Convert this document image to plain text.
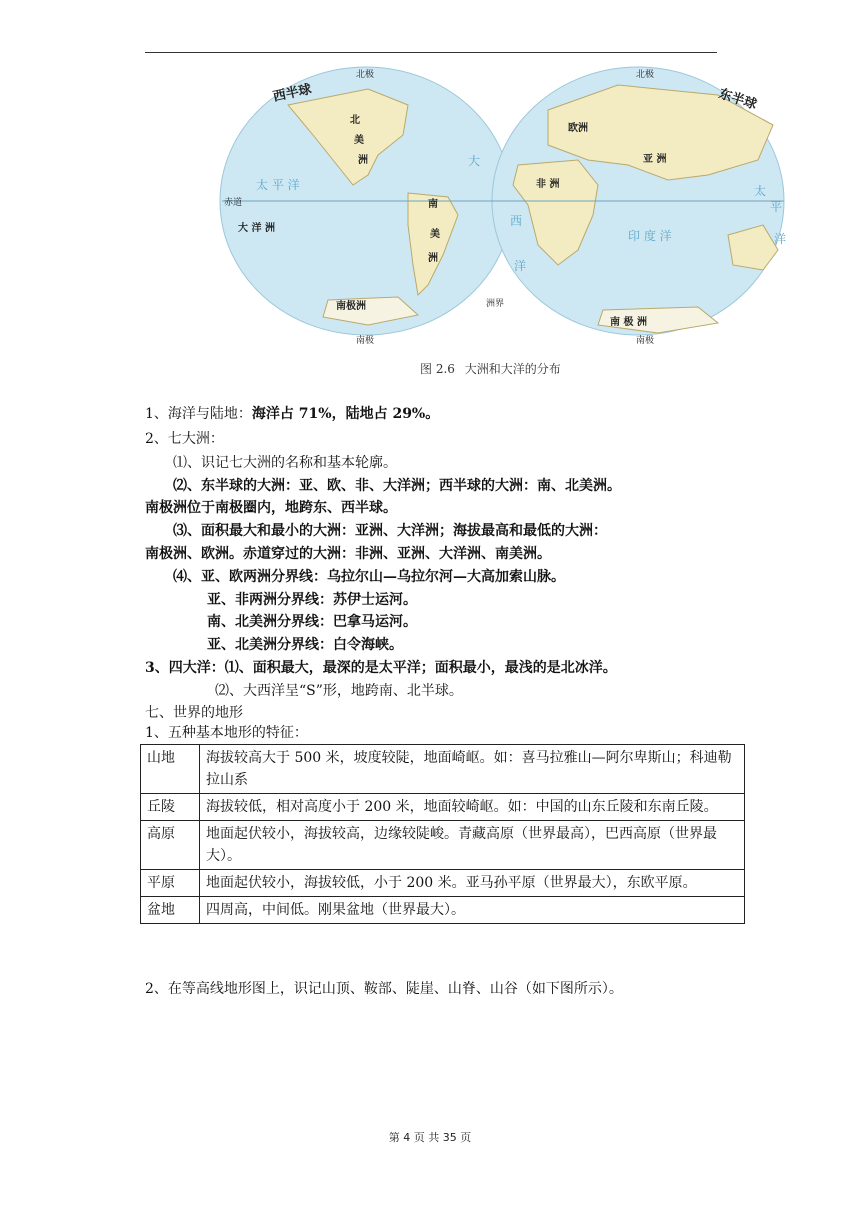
西半球	东半球
北极	北极
南极	南极
赤道
洲界
北
美
洲
南
美
洲
大 洋 洲
南极洲
南 极 洲
欧洲
亚 洲
非 洲
太 平 洋
大
太
平
洋
西
洋
印 度 洋
图 2.6 大洲和大洋的分布
1、海洋与陆地：海洋占 71%，陆地占 29%。
2、七大洲：
⑴、识记七大洲的名称和基本轮廓。
⑵、东半球的大洲：亚、欧、非、大洋洲；西半球的大洲：南、北美洲。
南极洲位于南极圈内，地跨东、西半球。
⑶、面积最大和最小的大洲：亚洲、大洋洲；海拔最高和最低的大洲：
南极洲、欧洲。赤道穿过的大洲：非洲、亚洲、大洋洲、南美洲。
⑷、亚、欧两洲分界线：乌拉尔山—乌拉尔河—大高加索山脉。
亚、非两洲分界线：苏伊士运河。
南、北美洲分界线：巴拿马运河。
亚、北美洲分界线：白令海峡。
3、四大洋：⑴、面积最大，最深的是太平洋；面积最小，最浅的是北冰洋。
⑵、大西洋呈“S”形，地跨南、北半球。
七、世界的地形
1、五种基本地形的特征：
山地	海拔较高大于 500 米，坡度较陡，地面崎岖。如：喜马拉雅山—阿尔卑斯山；科迪勒拉山系
丘陵	海拔较低，相对高度小于 200 米，地面较崎岖。如：中国的山东丘陵和东南丘陵。
高原	地面起伏较小，海拔较高，边缘较陡峻。青藏高原（世界最高），巴西高原（世界最大）。
平原	地面起伏较小，海拔较低，小于 200 米。亚马孙平原（世界最大），东欧平原。
盆地	四周高，中间低。刚果盆地（世界最大）。
2、在等高线地形图上，识记山顶、鞍部、陡崖、山脊、山谷（如下图所示）。
第 4 页 共 35 页
